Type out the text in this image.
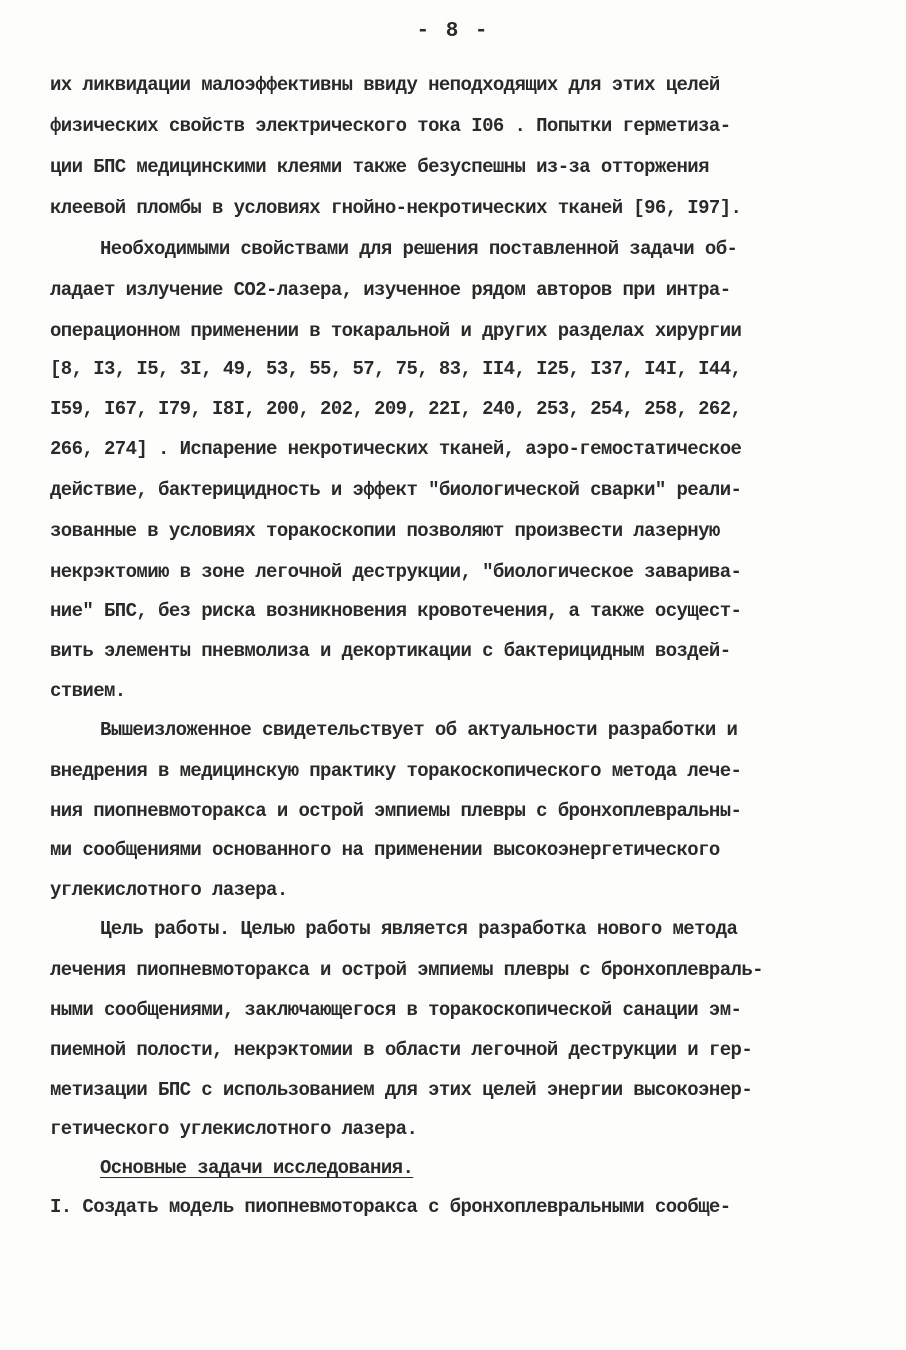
- 8 -
их ликвидации малоэффективны ввиду неподходящих для этих целей
физических свойств электрического тока I06 . Попытки герметиза-
ции БПС медицинскими клеями также безуспешны из-за отторжения
клеевой пломбы в условиях гнойно-некротических тканей [96, I97].
Необходимыми свойствами для решения поставленной задачи об-
ладает излучение СО2-лазера, изученное рядом авторов при интра-
операционном применении в токаральной и других разделах хирургии
[8, I3, I5, 3I, 49, 53, 55, 57, 75, 83, II4, I25, I37, I4I, I44,
I59, I67, I79, I8I, 200, 202, 209, 22I, 240, 253, 254, 258, 262,
266, 274] . Испарение некротических тканей, аэро-гемостатическое
действие, бактерицидность и эффект "биологической сварки" реали-
зованные в условиях торакоскопии позволяют произвести лазерную
некрэктомию в зоне легочной деструкции, "биологическое заварива-
ние" БПС, без риска возникновения кровотечения, а также осущест-
вить элементы пневмолиза и декортикации с бактерицидным воздей-
ствием.
Вышеизложенное свидетельствует об актуальности разработки и
внедрения в медицинскую практику торакоскопического метода лече-
ния пиопневмоторакса и острой эмпиемы плевры с бронхоплевральны-
ми сообщениями основанного на применении высокоэнергетического
углекислотного лазера.
Цель работы. Целью работы является разработка нового метода
лечения пиопневмоторакса и острой эмпиемы плевры с бронхоплевраль-
ными сообщениями, заключающегося в торакоскопической санации эм-
пиемной полости, некрэктомии в области легочной деструкции и гер-
метизации БПС с использованием для этих целей энергии высокоэнер-
гетического углекислотного лазера.
Основные задачи исследования.
I. Создать модель пиопневмоторакса с бронхоплевральными сообще-
